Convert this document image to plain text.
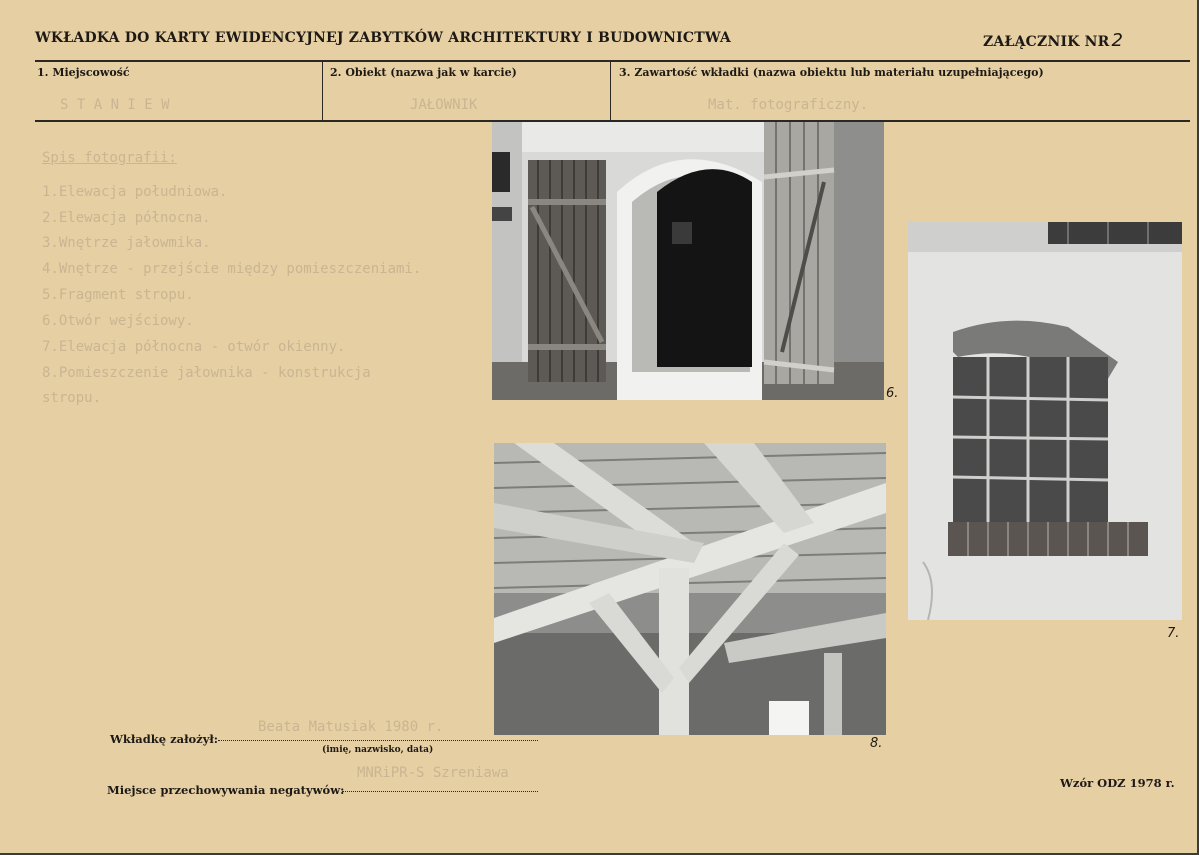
WKŁADKA DO KARTY EWIDENCYJNEJ ZABYTKÓW ARCHITEKTURY I BUDOWNICTWA	ZAŁĄCZNIK NR 2
1. Miejscowość	2. Obiekt (nazwa jak w karcie)	3. Zawartość wkładki (nazwa obiektu lub materiału uzupełniającego)
S T A N I E W	JAŁOWNIK	Mat. fotograficzny.
Spis fotografii:
1.Elewacja południowa.
2.Elewacja północna.
3.Wnętrze jałowmika.
4.Wnętrze - przejście między pomieszczeniami.
5.Fragment stropu.
6.Otwór wejściowy.
7.Elewacja północna - otwór okienny.
8.Pomieszczenie jałownika - konstrukcja
stropu.	6.
7.
8.
Wkładkę założył:
Beata Matusiak 1980 r.
(imię, nazwisko, data)
Miejsce przechowywania negatywów:
MNRiPR-S Szreniawa
Wzór ODZ 1978 r.
